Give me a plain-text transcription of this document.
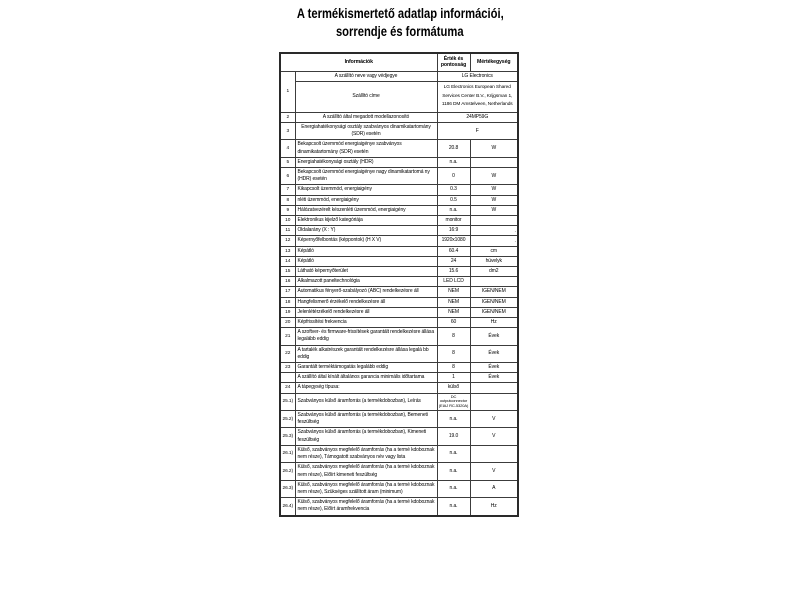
A termékismertető adatlap információi,
sorrendje és formátuma
Információk		Érték és pontosság	Mértékegység
1	A szállító neve vagy védjegye	LG Electronics	
	Szállító címe	LG Electronics European Shared Services Center B.V., Krijgsman 1, 1186 DM Amstelveen, Netherlands	
2	A szállító által megadott modellazonosító	24MP59G	
3	Energiahatékonysági osztály szabványos dinamikatartomány (SDR) esetén	F	
4	Bekapcsolt üzemmód energiaigénye szabványos dinamikatartomány (SDR) esetén	20.8	W
5	Energiahatékonysági osztály (HDR)	n.a.	
6	Bekapcsolt üzemmód energiaigénye nagy dinamikatartomá ny (HDR) esetén	0	W
7	Kikapcsolt üzemmód, energiaigény	0.3	W
8	nléti üzemmód, energiaigény	0.5	W
9	Hálózatvezérelt készenléti üzemmód, energiaigény	n.a.	W
10	Elektronikus kijelző kategóriája	monitor	
11	Oldalarány (X : Y)	16:9	-
12	Képernyőfelbontás (képpontok) (H X V)	1920x1080	-
13	Képátló	60.4	cm
14	Képátló	24	hüvelyk
15	Látható képernyőterület	15.6	dm2
16	Alkalmazott paneltechnológia	LED LCD	
17	Automatikus fényerő-szabályozó (ABC) rendelkezésre áll	NEM	IGEN/NEM
18	Hangfelismerő érzékelő rendelkezésre áll	NEM	IGEN/NEM
19	Jelenlétérzékelő rendelkezésre áll	NEM	IGEN/NEM
20	Képfrissítési frekvencia	60	Hz
21	A szoftver- és firmware-frissítések garantált rendelkezésre állása legalább eddig	8	Évek
22	A tartalék alkatrészek garantált rendelkezésre állása legalá bb eddig	8	Évek
23	Garantált terméktámogatás legalább eddig	8	Évek
	A szállító által kínált általános garancia minimális időtartama	1	Évek
24	A tápegység típusa:	külső	
25.1)	Szabványos külső áramforrás (a termékdobozban), Leírás	DC outputconnector (EIAJ RC-5320A)	
25.2)	Szabványos külső áramforrás (a termékdobozban), Bemeneti feszültség	n.a.	V
25.3)	Szabványos külső áramforrás (a termékdobozban), Kimeneti feszültség	19.0	V
26.1)	Külső, szabványos megfelelő áramforrás (ha a termé kdoboznak nem része), Támogatott szabványos név vagy lista	n.a.	
26.2)	Külső, szabványos megfelelő áramforrás (ha a termé kdoboznak nem része), Előírt kimeneti feszültség	n.a.	V
26.3)	Külső, szabványos megfelelő áramforrás (ha a termé kdoboznak nem része), Szükséges szállított áram (minimum)	n.a.	A
26.4)	Külső, szabványos megfelelő áramforrás (ha a termé kdoboznak nem része), Előírt áramfrekvencia	n.a.	Hz
